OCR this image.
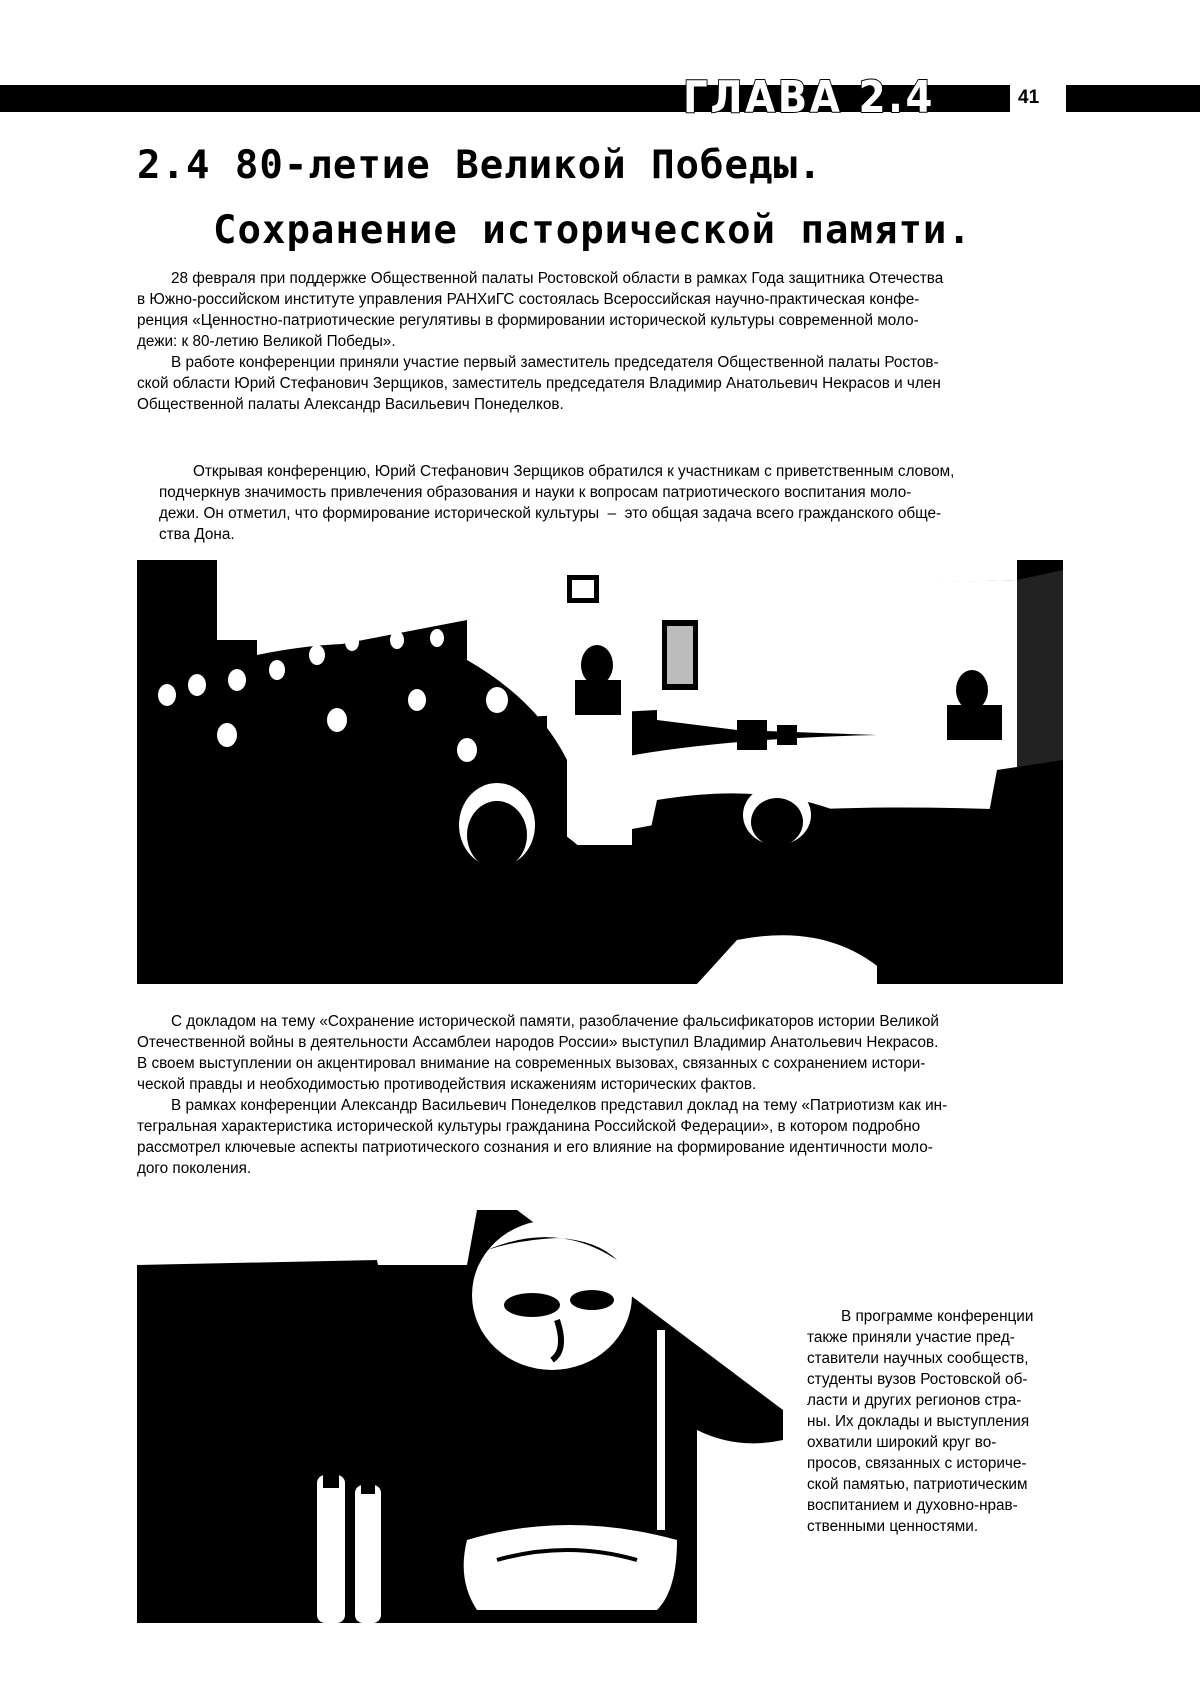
ГЛАВА 2.4	41
2.4 80-летие Великой Победы.
Сохранение исторической памяти.

28 февраля при поддержке Общественной палаты Ростовской области в рамках Года защитника Отечества

в Южно-российском институте управления РАНХиГС состоялась Всероссийская научно-практическая конфе-

ренция «Ценностно-патриотические регулятивы в формировании исторической культуры современной моло-

дежи: к 80-летию Великой Победы».

В работе конференции приняли участие первый заместитель председателя Общественной палаты Ростов-

ской области Юрий Стефанович Зерщиков, заместитель председателя Владимир Анатольевич Некрасов и член

Общественной палаты Александр Васильевич Понеделков.

Открывая конференцию, Юрий Стефанович Зерщиков обратился к участникам с приветственным словом,

подчеркнув значимость привлечения образования и науки к вопросам патриотического воспитания моло-

дежи. Он отметил, что формирование исторической культуры  –  это общая задача всего гражданского обще-

ства Дона.

С докладом на тему «Сохранение исторической памяти, разоблачение фальсификаторов истории Великой

Отечественной войны в деятельности Ассамблеи народов России» выступил Владимир Анатольевич Некрасов.

В своем выступлении он акцентировал внимание на современных вызовах, связанных с сохранением истори-

ческой правды и необходимостью противодействия искажениям исторических фактов.

В рамках конференции Александр Васильевич Понеделков представил доклад на тему «Патриотизм как ин-

тегральная характеристика исторической культуры гражданина Российской Федерации», в котором подробно

рассмотрел ключевые аспекты патриотического сознания и его влияние на формирование идентичности моло-

дого поколения.

В программе конференции

также приняли участие пред-

ставители научных сообществ,

студенты вузов Ростовской об-

ласти и других регионов стра-

ны. Их доклады и выступления

охватили широкий круг во-

просов, связанных с историче-

ской памятью, патриотическим

воспитанием и духовно-нрав-

ственными ценностями.
